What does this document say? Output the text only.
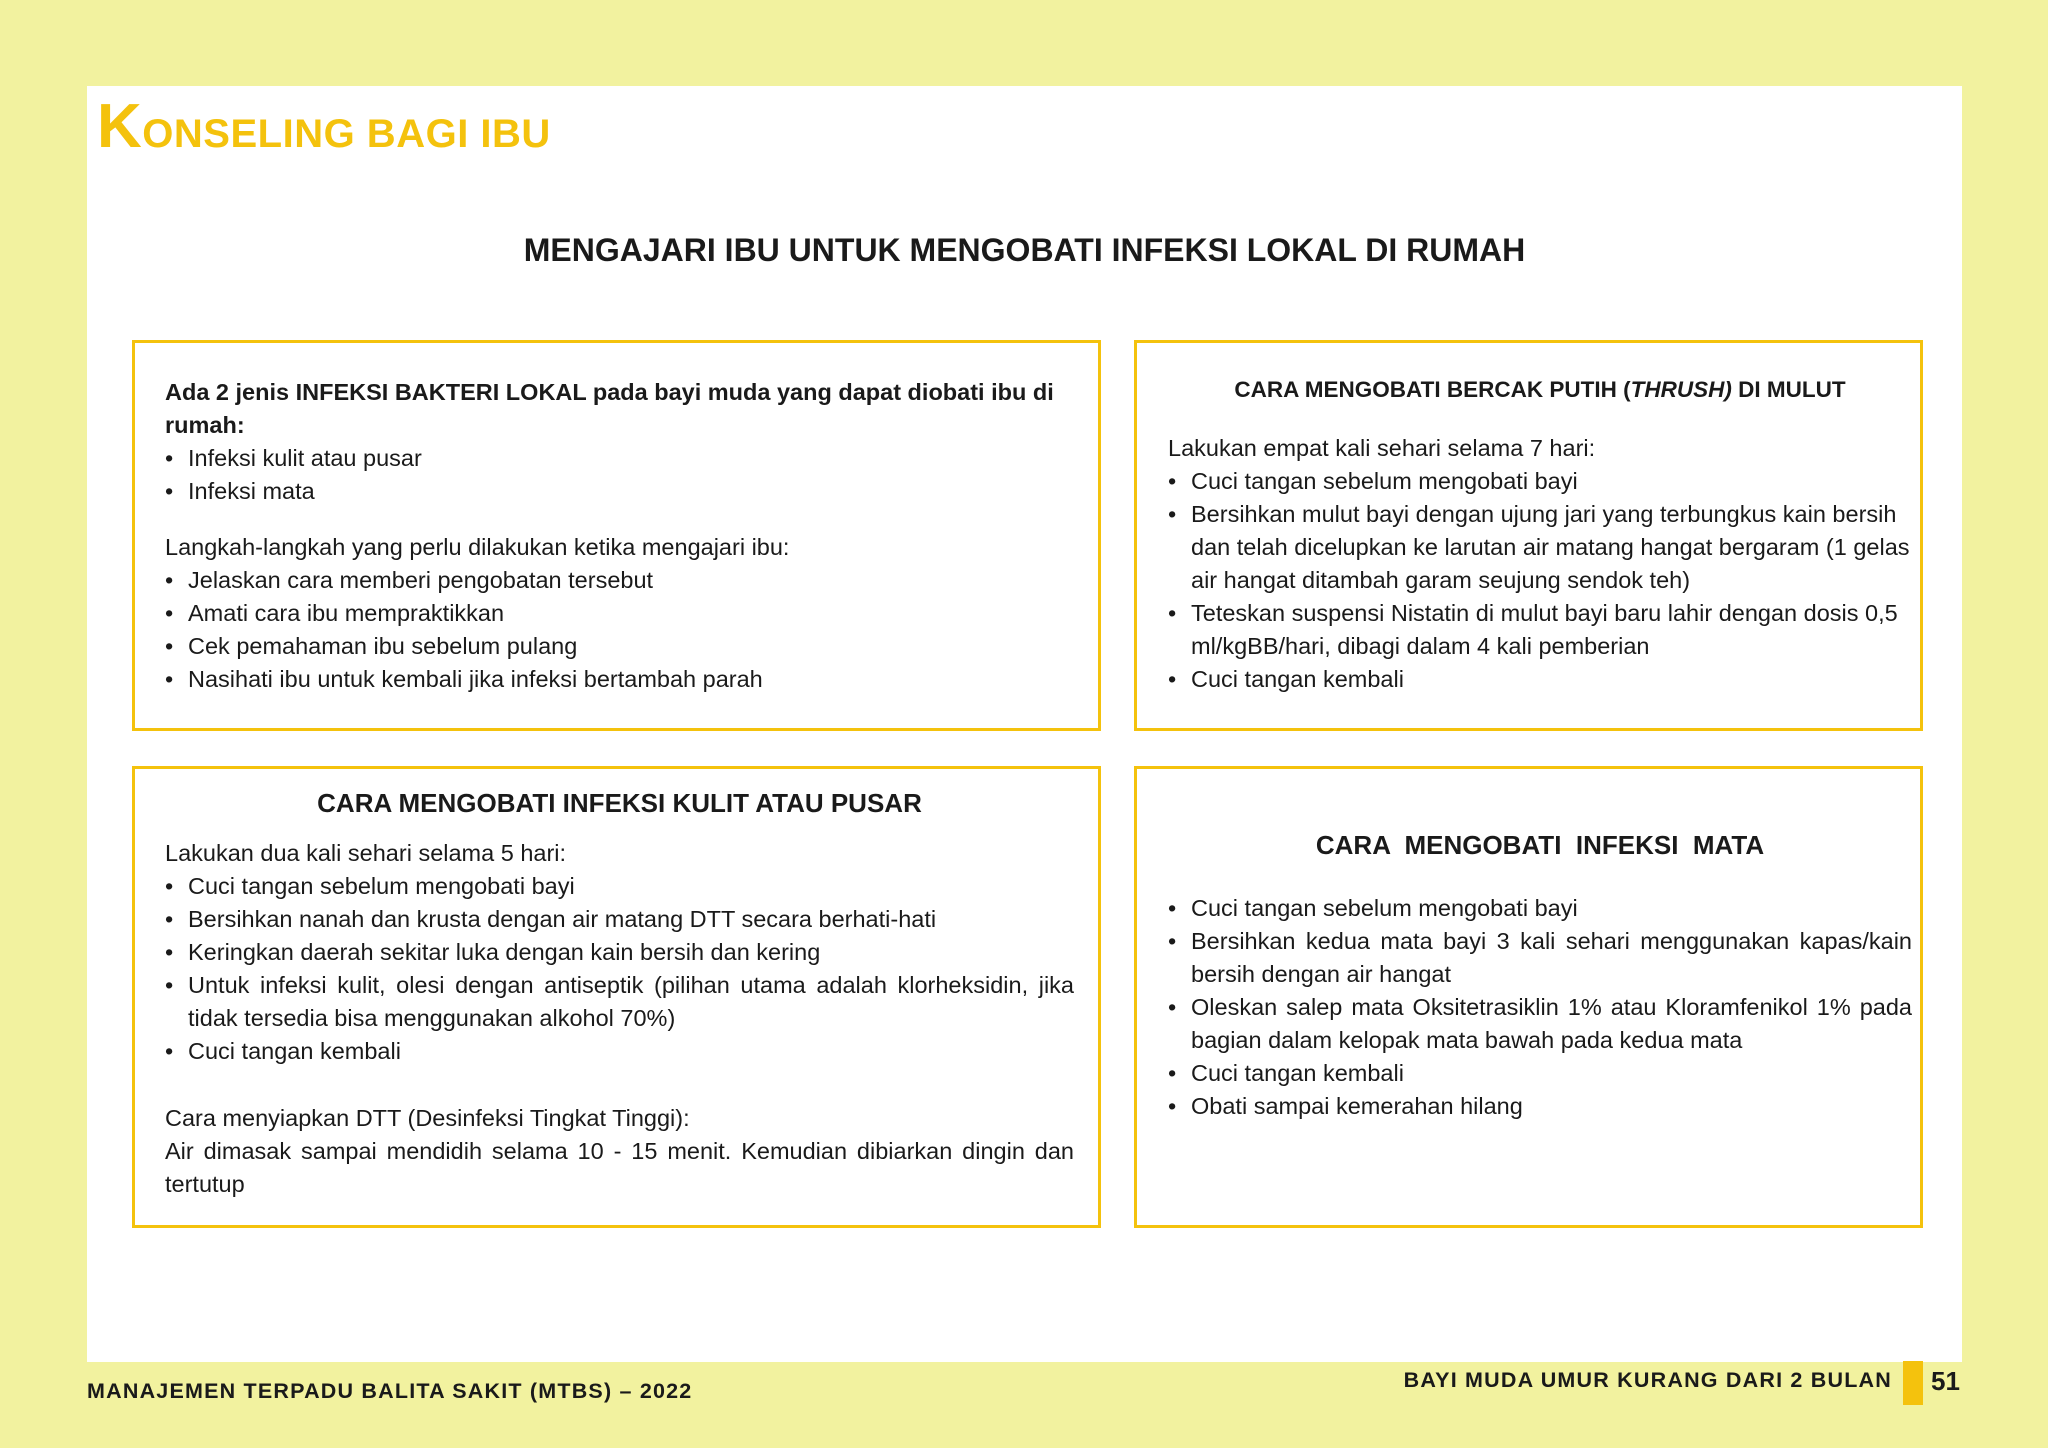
KONSELING BAGI IBU
MENGAJARI IBU UNTUK MENGOBATI INFEKSI LOKAL DI RUMAH

Ada 2 jenis INFEKSI BAKTERI LOKAL pada bayi muda yang dapat diobati ibu di rumah:

• Infeksi kulit atau pusar
• Infeksi mata

Langkah-langkah yang perlu dilakukan ketika mengajari ibu:

• Jelaskan cara memberi pengobatan tersebut
• Amati cara ibu mempraktikkan
• Cek pemahaman ibu sebelum pulang
• Nasihati ibu untuk kembali jika infeksi bertambah parah
CARA MENGOBATI BERCAK PUTIH (THRUSH) DI MULUT

Lakukan empat kali sehari selama 7 hari:

• Cuci tangan sebelum mengobati bayi
• Bersihkan mulut bayi dengan ujung jari yang terbungkus kain bersih dan telah dicelupkan ke larutan air matang hangat bergaram (1 gelas air hangat ditambah garam seujung sendok teh)
• Teteskan suspensi Nistatin di mulut bayi baru lahir dengan dosis 0,5 ml/kgBB/hari, dibagi dalam 4 kali pemberian
• Cuci tangan kembali
CARA MENGOBATI INFEKSI KULIT ATAU PUSAR

Lakukan dua kali sehari selama 5 hari:

• Cuci tangan sebelum mengobati bayi
• Bersihkan nanah dan krusta dengan air matang DTT secara berhati-hati
• Keringkan daerah sekitar luka dengan kain bersih dan kering
• Untuk infeksi kulit, olesi dengan antiseptik (pilihan utama adalah klorheksidin, jika tidak tersedia bisa menggunakan alkohol 70%)
• Cuci tangan kembali

Cara menyiapkan DTT (Desinfeksi Tingkat Tinggi):

Air dimasak sampai mendidih selama 10 - 15 menit. Kemudian dibiarkan dingin dan tertutup

CARA  MENGOBATI  INFEKSI  MATA
• Cuci tangan sebelum mengobati bayi
• Bersihkan kedua mata bayi 3 kali sehari menggunakan kapas/kain bersih dengan air hangat
• Oleskan salep mata Oksitetrasiklin 1% atau Kloramfenikol 1% pada bagian dalam kelopak mata bawah pada kedua mata
• Cuci tangan kembali
• Obati sampai kemerahan hilang
MANAJEMEN TERPADU BALITA SAKIT (MTBS) – 2022	BAYI MUDA UMUR KURANG DARI 2 BULAN 51
